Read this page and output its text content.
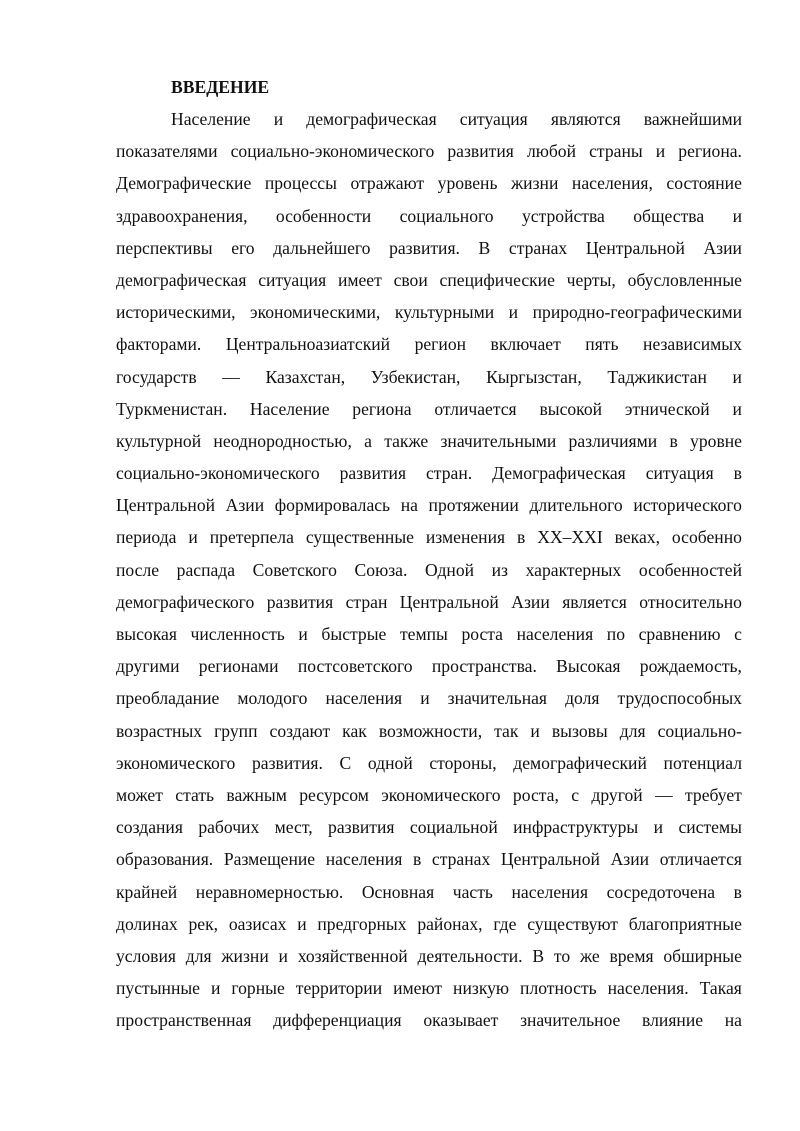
ВВЕДЕНИЕ
Население и демографическая ситуация являются важнейшими
показателями социально-экономического развития любой страны и региона.
Демографические процессы отражают уровень жизни населения, состояние
здравоохранения, особенности социального устройства общества и
перспективы его дальнейшего развития. В странах Центральной Азии
демографическая ситуация имеет свои специфические черты, обусловленные
историческими, экономическими, культурными и природно-географическими
факторами. Центральноазиатский регион включает пять независимых
государств — Казахстан, Узбекистан, Кыргызстан, Таджикистан и
Туркменистан. Население региона отличается высокой этнической и
культурной неоднородностью, а также значительными различиями в уровне
социально-экономического развития стран. Демографическая ситуация в
Центральной Азии формировалась на протяжении длительного исторического
периода и претерпела существенные изменения в XX–XXI веках, особенно
после распада Советского Союза. Одной из характерных особенностей
демографического развития стран Центральной Азии является относительно
высокая численность и быстрые темпы роста населения по сравнению с
другими регионами постсоветского пространства. Высокая рождаемость,
преобладание молодого населения и значительная доля трудоспособных
возрастных групп создают как возможности, так и вызовы для социально-
экономического развития. С одной стороны, демографический потенциал
может стать важным ресурсом экономического роста, с другой — требует
создания рабочих мест, развития социальной инфраструктуры и системы
образования. Размещение населения в странах Центральной Азии отличается
крайней неравномерностью. Основная часть населения сосредоточена в
долинах рек, оазисах и предгорных районах, где существуют благоприятные
условия для жизни и хозяйственной деятельности. В то же время обширные
пустынные и горные территории имеют низкую плотность населения. Такая
пространственная дифференциация оказывает значительное влияние на
